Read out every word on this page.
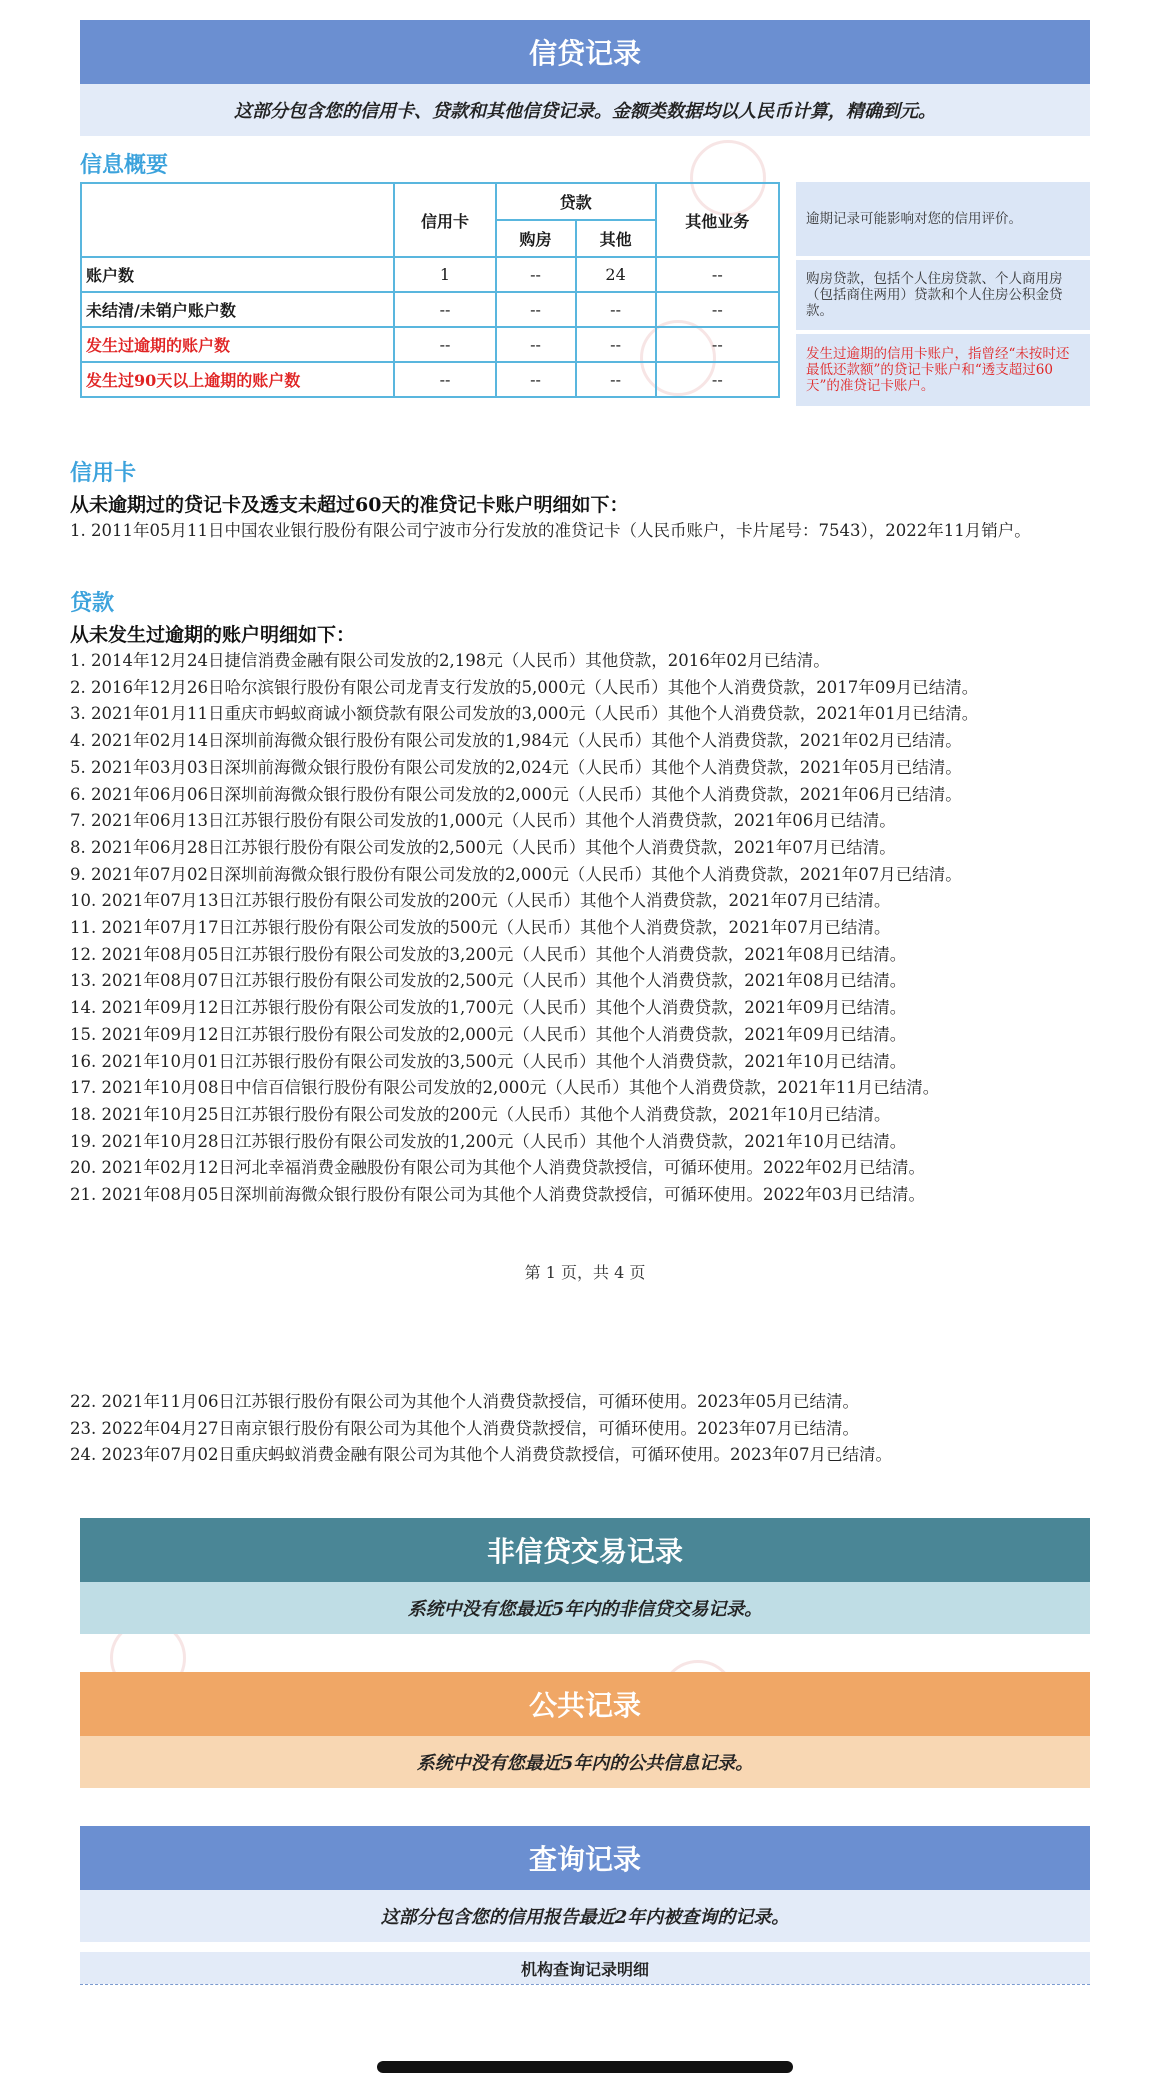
信贷记录
这部分包含您的信用卡、贷款和其他信贷记录。金额类数据均以人民币计算，精确到元。
信息概要
	信用卡	贷款		其他业务
		购房	其他	
账户数	1	--	24	--
未结清/未销户账户数	--	--	--	--
发生过逾期的账户数	--	--	--	--
发生过90天以上逾期的账户数	--	--	--	--
逾期记录可能影响对您的信用评价。
购房贷款，包括个人住房贷款、个人商用房（包括商住两用）贷款和个人住房公积金贷款。
发生过逾期的信用卡账户，指曾经“未按时还最低还款额”的贷记卡账户和“透支超过60天”的准贷记卡账户。
信用卡
从未逾期过的贷记卡及透支未超过60天的准贷记卡账户明细如下：
1. 2011年05月11日中国农业银行股份有限公司宁波市分行发放的准贷记卡（人民币账户，卡片尾号：7543），2022年11月销户。
贷款
从未发生过逾期的账户明细如下：
1. 2014年12月24日捷信消费金融有限公司发放的2,198元（人民币）其他贷款，2016年02月已结清。
2. 2016年12月26日哈尔滨银行股份有限公司龙青支行发放的5,000元（人民币）其他个人消费贷款，2017年09月已结清。
3. 2021年01月11日重庆市蚂蚁商诚小额贷款有限公司发放的3,000元（人民币）其他个人消费贷款，2021年01月已结清。
4. 2021年02月14日深圳前海微众银行股份有限公司发放的1,984元（人民币）其他个人消费贷款，2021年02月已结清。
5. 2021年03月03日深圳前海微众银行股份有限公司发放的2,024元（人民币）其他个人消费贷款，2021年05月已结清。
6. 2021年06月06日深圳前海微众银行股份有限公司发放的2,000元（人民币）其他个人消费贷款，2021年06月已结清。
7. 2021年06月13日江苏银行股份有限公司发放的1,000元（人民币）其他个人消费贷款，2021年06月已结清。
8. 2021年06月28日江苏银行股份有限公司发放的2,500元（人民币）其他个人消费贷款，2021年07月已结清。
9. 2021年07月02日深圳前海微众银行股份有限公司发放的2,000元（人民币）其他个人消费贷款，2021年07月已结清。
10. 2021年07月13日江苏银行股份有限公司发放的200元（人民币）其他个人消费贷款，2021年07月已结清。
11. 2021年07月17日江苏银行股份有限公司发放的500元（人民币）其他个人消费贷款，2021年07月已结清。
12. 2021年08月05日江苏银行股份有限公司发放的3,200元（人民币）其他个人消费贷款，2021年08月已结清。
13. 2021年08月07日江苏银行股份有限公司发放的2,500元（人民币）其他个人消费贷款，2021年08月已结清。
14. 2021年09月12日江苏银行股份有限公司发放的1,700元（人民币）其他个人消费贷款，2021年09月已结清。
15. 2021年09月12日江苏银行股份有限公司发放的2,000元（人民币）其他个人消费贷款，2021年09月已结清。
16. 2021年10月01日江苏银行股份有限公司发放的3,500元（人民币）其他个人消费贷款，2021年10月已结清。
17. 2021年10月08日中信百信银行股份有限公司发放的2,000元（人民币）其他个人消费贷款，2021年11月已结清。
18. 2021年10月25日江苏银行股份有限公司发放的200元（人民币）其他个人消费贷款，2021年10月已结清。
19. 2021年10月28日江苏银行股份有限公司发放的1,200元（人民币）其他个人消费贷款，2021年10月已结清。
20. 2021年02月12日河北幸福消费金融股份有限公司为其他个人消费贷款授信，可循环使用。2022年02月已结清。
21. 2021年08月05日深圳前海微众银行股份有限公司为其他个人消费贷款授信，可循环使用。2022年03月已结清。
第 1 页，共 4 页
22. 2021年11月06日江苏银行股份有限公司为其他个人消费贷款授信，可循环使用。2023年05月已结清。
23. 2022年04月27日南京银行股份有限公司为其他个人消费贷款授信，可循环使用。2023年07月已结清。
24. 2023年07月02日重庆蚂蚁消费金融有限公司为其他个人消费贷款授信，可循环使用。2023年07月已结清。
非信贷交易记录
系统中没有您最近5年内的非信贷交易记录。
公共记录
系统中没有您最近5年内的公共信息记录。
查询记录
这部分包含您的信用报告最近2年内被查询的记录。
机构查询记录明细
